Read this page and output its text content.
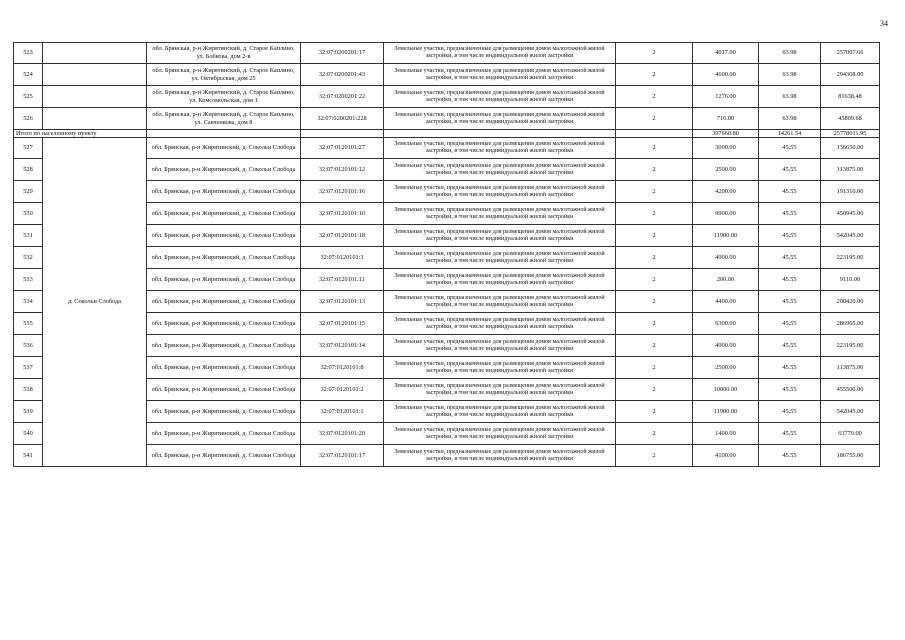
34
523		обл. Брянская, р-н Жирятинский, д. Старое Каплино, ул. Бобкова, дом 2-в	32:07:0200201:17	Земельные участки, предназначенные для размещения домов малоэтажной жилой застройки, в том числе индивидуальной жилой застройки	2	4017.00	63.98	257007.66
524		обл. Брянская, р-н Жирятинский, д. Старое Каплино, ул. Октябрьская, дом 25	32:07:0200201:43	Земельные участки, предназначенные для размещения домов малоэтажной жилой застройки, в том числе индивидуальной жилой застройки	2	4600.00	63.98	294308.00
525		обл. Брянская, р-н Жирятинский, д. Старое Каплино, ул. Комсомольская, дом 1	32:07:0200201:22	Земельные участки, предназначенные для размещения домов малоэтажной жилой застройки, в том числе индивидуальной жилой застройки	2	1276.00	63.98	81638.48
526		обл. Брянская, р-н Жирятинский, д. Старое Каплино, ул. Савченкова, дом 8	32:07:0200201:228	Земельные участки, предназначенные для размещения домов малоэтажной жилой застройки, в том числе индивидуальной жилой застройки	2	716.00	63.98	45809.68
Итого по населенному пункту						397660.80	14261.54	25778011.95
527	д. Сокольи Слобода	обл. Брянская, р-н Жирятинский, д. Сокольи Слобода	32:07:0120101:27	Земельные участки, предназначенные для размещения домов малоэтажной жилой застройки, в том числе индивидуальной жилой застройки	2	3000.00	45.55	136650.00
528		обл. Брянская, р-н Жирятинский, д. Сокольи Слобода	32:07:0120101:12	Земельные участки, предназначенные для размещения домов малоэтажной жилой застройки, в том числе индивидуальной жилой застройки	2	2500.00	45.55	113875.00
529		обл. Брянская, р-н Жирятинский, д. Сокольи Слобода	32:07:0120101:16	Земельные участки, предназначенные для размещения домов малоэтажной жилой застройки, в том числе индивидуальной жилой застройки	2	4200.00	45.55	191310.00
530		обл. Брянская, р-н Жирятинский, д. Сокольи Слобода	32:07:0120101:10	Земельные участки, предназначенные для размещения домов малоэтажной жилой застройки, в том числе индивидуальной жилой застройки	2	9900.00	45.55	450945.00
531		обл. Брянская, р-н Жирятинский, д. Сокольи Слобода	32:07:0120101:18	Земельные участки, предназначенные для размещения домов малоэтажной жилой застройки, в том числе индивидуальной жилой застройки	2	11900.00	45.55	542045.00
532		обл. Брянская, р-н Жирятинский, д. Сокольи Слобода	32:07:0120101:3	Земельные участки, предназначенные для размещения домов малоэтажной жилой застройки, в том числе индивидуальной жилой застройки	2	4900.00	45.55	223195.00
533		обл. Брянская, р-н Жирятинский, д. Сокольи Слобода	32:07:0120101:11	Земельные участки, предназначенные для размещения домов малоэтажной жилой застройки, в том числе индивидуальной жилой застройки	2	200.00	45.55	9110.00
534		обл. Брянская, р-н Жирятинский, д. Сокольи Слобода	32:07:0120101:13	Земельные участки, предназначенные для размещения домов малоэтажной жилой застройки, в том числе индивидуальной жилой застройки	2	4400.00	45.55	200420.00
535		обл. Брянская, р-н Жирятинский, д. Сокольи Слобода	32:07:0120101:15	Земельные участки, предназначенные для размещения домов малоэтажной жилой застройки, в том числе индивидуальной жилой застройки	2	6300.00	45.55	286965.00
536		обл. Брянская, р-н Жирятинский, д. Сокольи Слобода	32:07:0120101:14	Земельные участки, предназначенные для размещения домов малоэтажной жилой застройки, в том числе индивидуальной жилой застройки	2	4900.00	45.55	223195.00
537		обл. Брянская, р-н Жирятинский, д. Сокольи Слобода	32:07:0120101:8	Земельные участки, предназначенные для размещения домов малоэтажной жилой застройки, в том числе индивидуальной жилой застройки	2	2500.00	45.55	113875.00
538		обл. Брянская, р-н Жирятинский, д. Сокольи Слобода	32:07:0120101:2	Земельные участки, предназначенные для размещения домов малоэтажной жилой застройки, в том числе индивидуальной жилой застройки	2	10000.00	45.55	455500.00
539		обл. Брянская, р-н Жирятинский, д. Сокольи Слобода	32:07:0120101:1	Земельные участки, предназначенные для размещения домов малоэтажной жилой застройки, в том числе индивидуальной жилой застройки	2	11900.00	45.55	542045.00
540		обл. Брянская, р-н Жирятинский, д. Сокольи Слобода	32:07:0120101:20	Земельные участки, предназначенные для размещения домов малоэтажной жилой застройки, в том числе индивидуальной жилой застройки	2	1400.00	45.55	63770.00
541		обл. Брянская, р-н Жирятинский, д. Сокольи Слобода	32:07:0120101:17	Земельные участки, предназначенные для размещения домов малоэтажной жилой застройки, в том числе индивидуальной жилой застройки	2	4100.00	45.55	186755.00
